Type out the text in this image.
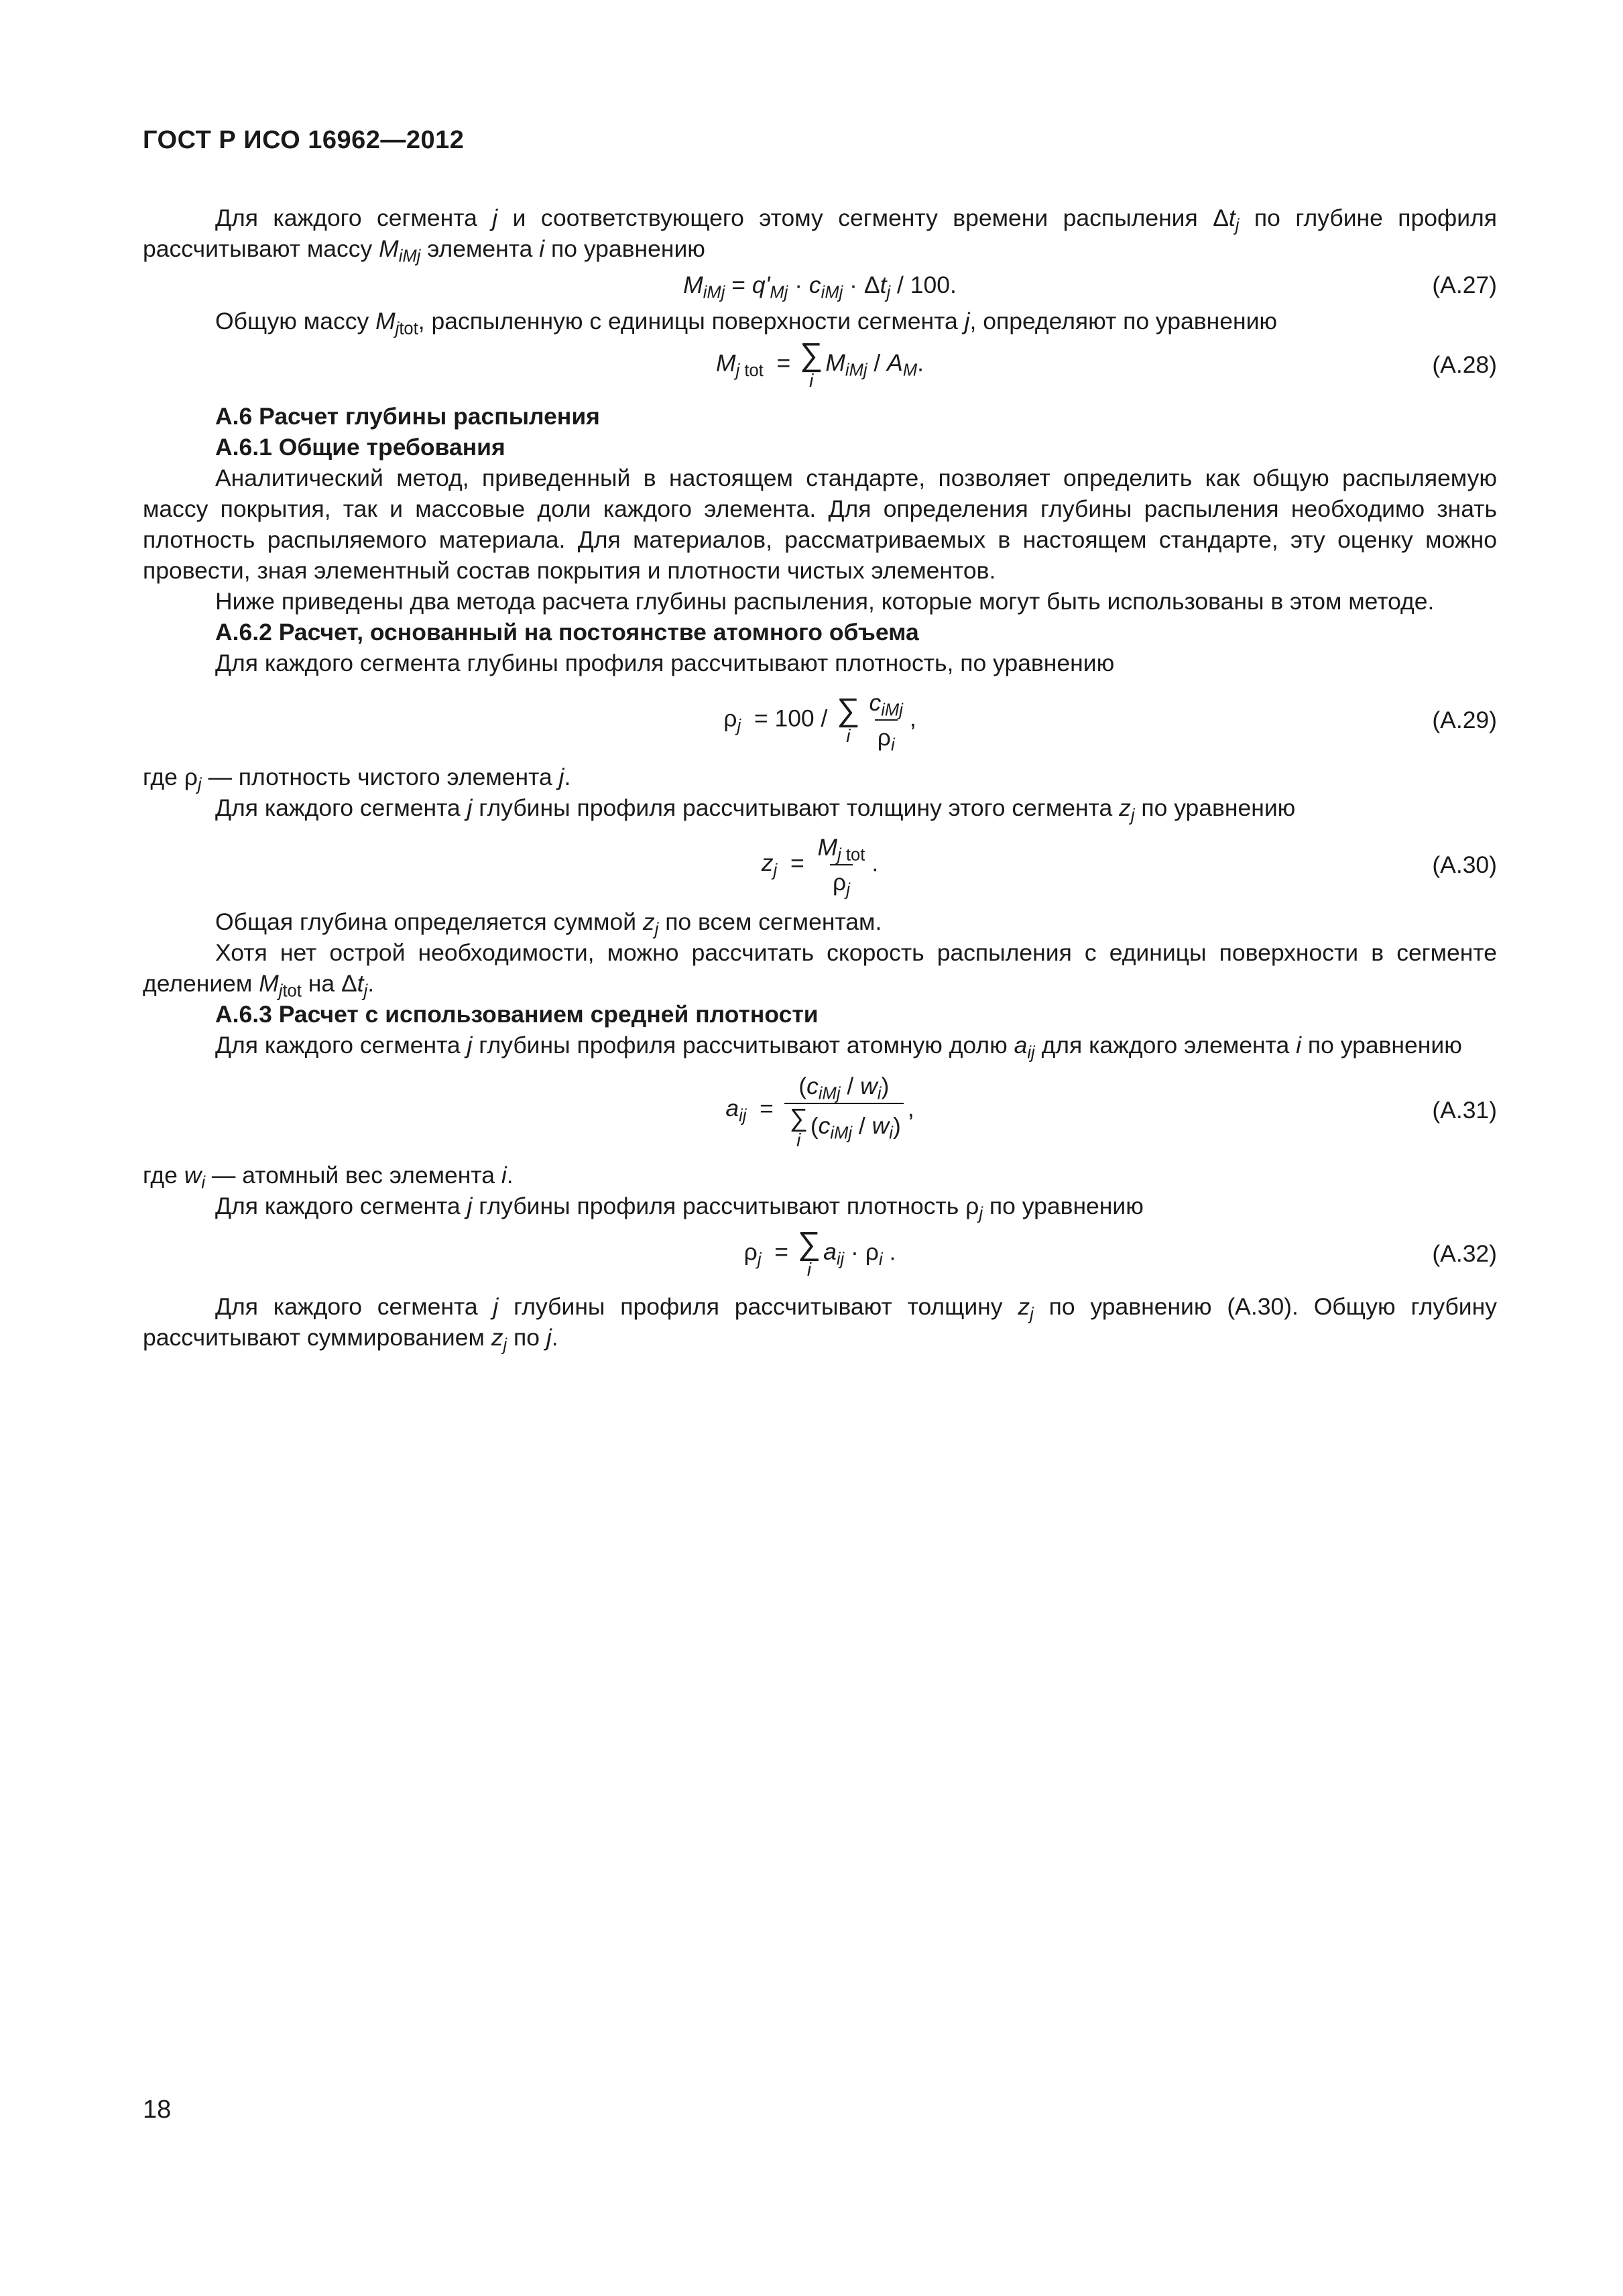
ГОСТ Р ИСО 16962—2012

Для каждого сегмента j и соответствующего этому сегменту времени распыления $\Delta t_j$ по глубине профиля рассчитывают массу $M_{iMj}$ элемента i по уравнению

$M_{iMj} = q'_{Mj} \cdot c_{iMj} \cdot \Delta t_j / 100$.	(А.27)

Общую массу $M_{jtot}$, распыленную с единицы поверхности сегмента j, определяют по уравнению

$M_{j tot}$  = ∑
i
$M_{iMj} / A_M$.	(А.28)

А.6 Расчет глубины распыления

А.6.1 Общие требования

Аналитический метод, приведенный в настоящем стандарте, позволяет определить как общую распыляемую массу покрытия, так и массовые доли каждого элемента. Для определения глубины распыления необходимо знать плотность распыляемого материала. Для материалов, рассматриваемых в настоящем стандарте, эту оценку можно провести, зная элементный состав покрытия и плотности чистых элементов.

Ниже приведены два метода расчета глубины распыления, которые могут быть использованы в этом методе.

А.6.2 Расчет, основанный на постоянстве атомного объема

Для каждого сегмента глубины профиля рассчитывают плотность, по уравнению

$\rho_j = 100$ / ∑
i $\frac{c_{iMj}}{\rho_i}$ ,	(А.29)

где $\rho_j$ — плотность чистого элемента j.

Для каждого сегмента j глубины профиля рассчитывают толщину этого сегмента $z_j$ по уравнению

$z_j = \frac{M_{j tot}}{\rho_j}$ .	(А.30)

Общая глубина определяется суммой $z_j$ по всем сегментам.

Хотя нет острой необходимости, можно рассчитать скорость распыления с единицы поверхности в сегменте делением $M_{jtot}$ на $\Delta t_j$.

А.6.3 Расчет с использованием средней плотности

Для каждого сегмента j глубины профиля рассчитывают атомную долю $a_{ij}$ для каждого элемента i по уравнению

$a_{ij} = (c_{iMj} / w_i)$
∑
i
$(c_{iMj} / w_i)$ ,	(А.31)

где $w_i$ — атомный вес элемента i.

Для каждого сегмента j глубины профиля рассчитывают плотность $\rho_j$ по уравнению

$\rho_j$  = ∑
i
$a_{ij} \cdot \rho_i$ .	(А.32)

Для каждого сегмента j глубины профиля рассчитывают толщину $z_j$ по уравнению (А.30). Общую глубину рассчитывают суммированием $z_j$ по j.

18
